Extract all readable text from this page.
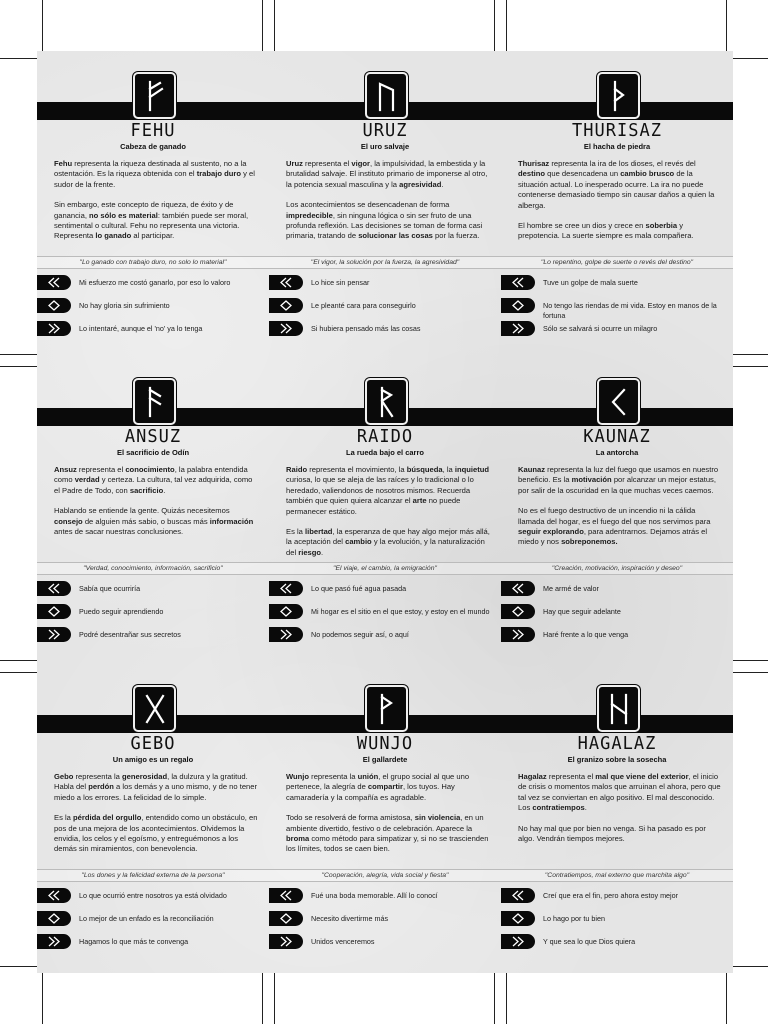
FEHU
Cabeza de ganado

Fehu representa la riqueza destinada al sustento, no a la ostentación. Es la riqueza obtenida con el trabajo duro y el sudor de la frente.

Sin embargo, este concepto de riqueza, de éxito y de ganancia, no sólo es material: también puede ser moral, sentimental o cultural. Fehu no representa una victoria. Representa lo ganado al participar.

"Lo ganado con trabajo duro, no solo lo material"
Mi esfuerzo me costó ganarlo, por eso lo valoro
No hay gloria sin sufrimiento
Lo intentaré, aunque el 'no' ya lo tenga
URUZ
El uro salvaje

Uruz representa el vigor, la impulsividad, la embestida y la brutalidad salvaje. El instituto primario de imponerse al otro, la potencia sexual masculina y la agresividad.

Los acontecimientos se desencadenan de forma impredecible, sin ninguna lógica o sin ser fruto de una profunda reflexión. Las decisiones se toman de forma casi primaria, tratando de solucionar las cosas por la fuerza.

"El vigor, la solución por la fuerza, la agresividad"
Lo hice sin pensar
Le pleanté cara para conseguirlo
Si hubiera pensado más las cosas
THURISAZ
El hacha de piedra

Thurisaz representa la ira de los dioses, el revés del destino que desencadena un cambio brusco de la situación actual. Lo inesperado ocurre. La ira no puede contenerse demasiado tiempo sin causar daños a quien la alberga.

El hombre se cree un dios y crece en soberbia y prepotencia. La suerte siempre es mala compañera.

"Lo repentino, golpe de suerte o revés del destino"
Tuve un golpe de mala suerte
No tengo las riendas de mi vida. Estoy en manos de la fortuna
Sólo se salvará si ocurre un milagro
ANSUZ
El sacrificio de Odín

Ansuz representa el conocimiento, la palabra entendida como verdad y certeza. La cultura, tal vez adquirida, como el Padre de Todo, con sacrificio.

Hablando se entiende la gente. Quizás necesitemos consejo de alguien más sabio, o buscas más información antes de sacar nuestras conclusiones.

"Verdad, conocimiento, información, sacrificio"
Sabía que ocurriría
Puedo seguir aprendiendo
Podré desentrañar sus secretos
RAIDO
La rueda bajo el carro

Raido representa el movimiento, la búsqueda, la inquietud curiosa, lo que se aleja de las raíces y lo tradicional o lo heredado, valiendonos de nosotros mismos. Recuerda también que quien quiera alcanzar el arte no puede permanecer estático.

Es la libertad, la esperanza de que hay algo mejor más allá, la aceptación del cambio y la evolución, y la naturalización del riesgo.

"El viaje, el cambio, la emigración"
Lo que pasó fué agua pasada
Mi hogar es el sitio en el que estoy, y estoy en el mundo
No podemos seguir así, o aquí
KAUNAZ
La antorcha

Kaunaz representa la luz del fuego que usamos en nuestro beneficio. Es la motivación por alcanzar un mejor estatus, por salir de la oscuridad en la que muchas veces caemos.

No es el fuego destructivo de un incendio ni la cálida llamada del hogar, es el fuego del que nos servimos para seguir explorando, para adentrarnos. Dejamos atrás el miedo y nos sobreponemos.

"Creación, motivación, inspiración y deseo"
Me armé de valor
Hay que seguir adelante
Haré frente a lo que venga
GEBO
Un amigo es un regalo

Gebo representa la generosidad, la dulzura y la gratitud. Habla del perdón a los demás y a uno mismo, y de no tener miedo a los errores. La felicidad de lo simple.

Es la pérdida del orgullo, entendido como un obstáculo, en pos de una mejora de los acontecimientos. Olvidemos la envidia, los celos y el egoísmo, y entreguémonos a los demás sin miramientos, con benevolencia.

"Los dones y la felicidad externa de la persona"
Lo que ocurrió entre nosotros ya está olvidado
Lo mejor de un enfado es la reconciliación
Hagamos lo que más te convenga
WUNJO
El gallardete

Wunjo representa la unión, el grupo social al que uno pertenece, la alegría de compartir, los tuyos. Hay camaradería y la compañía es agradable.

Todo se resolverá de forma amistosa, sin violencia, en un ambiente divertido, festivo o de celebración. Aparece la broma como método para simpatizar y, si no se trascienden los límites, todos se caen bien.

"Cooperación, alegría, vida social y fiesta"
Fué una boda memorable. Allí lo conocí
Necesito divertirme más
Unidos venceremos
HAGALAZ
El granizo sobre la sosecha

Hagalaz representa el mal que viene del exterior, el inicio de crisis o momentos malos que arruinan el ahora, pero que tal vez se conviertan en algo positivo. El mal desconocido. Los contratiempos.

No hay mal que por bien no venga. Si ha pasado es por algo. Vendrán tiempos mejores.

"Contratiempos, mal externo que marchita algo"
Creí que era el fin, pero ahora estoy mejor
Lo hago por tu bien
Y que sea lo que Dios quiera
